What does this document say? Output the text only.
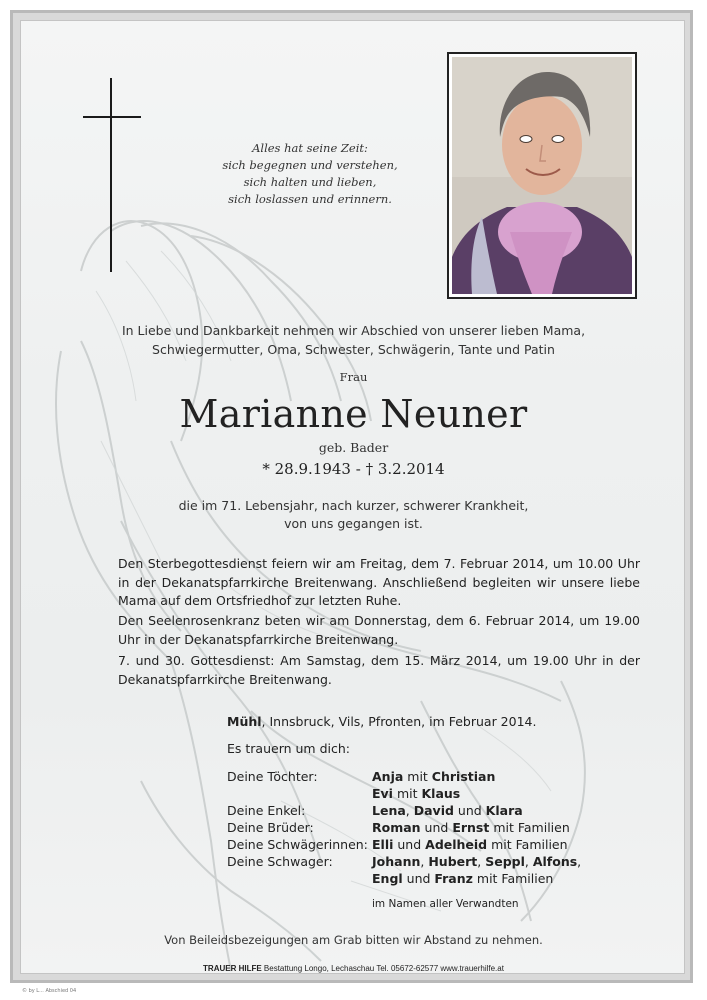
Alles hat seine Zeit:
sich begegnen und verstehen,
sich halten und lieben,
sich loslassen und erinnern.
In Liebe und Dankbarkeit nehmen wir Abschied von unserer lieben Mama,
Schwiegermutter, Oma, Schwester, Schwägerin, Tante und Patin
Frau
Marianne Neuner
geb. Bader
* 28.9.1943 - † 3.2.2014
die im 71. Lebensjahr, nach kurzer, schwerer Krankheit,
von uns gegangen ist.
Den Sterbegottesdienst feiern wir am Freitag, dem 7. Februar 2014, um 10.00 Uhr in der Dekanatspfarrkirche Breitenwang. Anschließend begleiten wir unsere liebe Mama auf dem Ortsfriedhof zur letzten Ruhe.
Den Seelenrosenkranz beten wir am Donnerstag, dem 6. Februar 2014, um 19.00 Uhr in der Dekanatspfarrkirche Breitenwang.
7. und 30. Gottesdienst: Am Samstag, dem 15. März 2014, um 19.00 Uhr in der Dekanatspfarrkirche Breitenwang.
Mühl, Innsbruck, Vils, Pfronten, im Februar 2014.
Es trauern um dich:
Deine Töchter:	Anja mit Christian
Evi mit Klaus
Deine Enkel:	Lena, David und Klara
Deine Brüder:	Roman und Ernst mit Familien
Deine Schwägerinnen: Elli und Adelheid mit Familien
Deine Schwager:	Johann, Hubert, Seppl, Alfons,
Engl und Franz mit Familien
im Namen aller Verwandten
Von Beileidsbezeigungen am Grab bitten wir Abstand zu nehmen.
TRAUER HILFE Bestattung Longo, Lechaschau Tel. 05672-62577 www.trauerhilfe.at
© by L... Abschied 04
